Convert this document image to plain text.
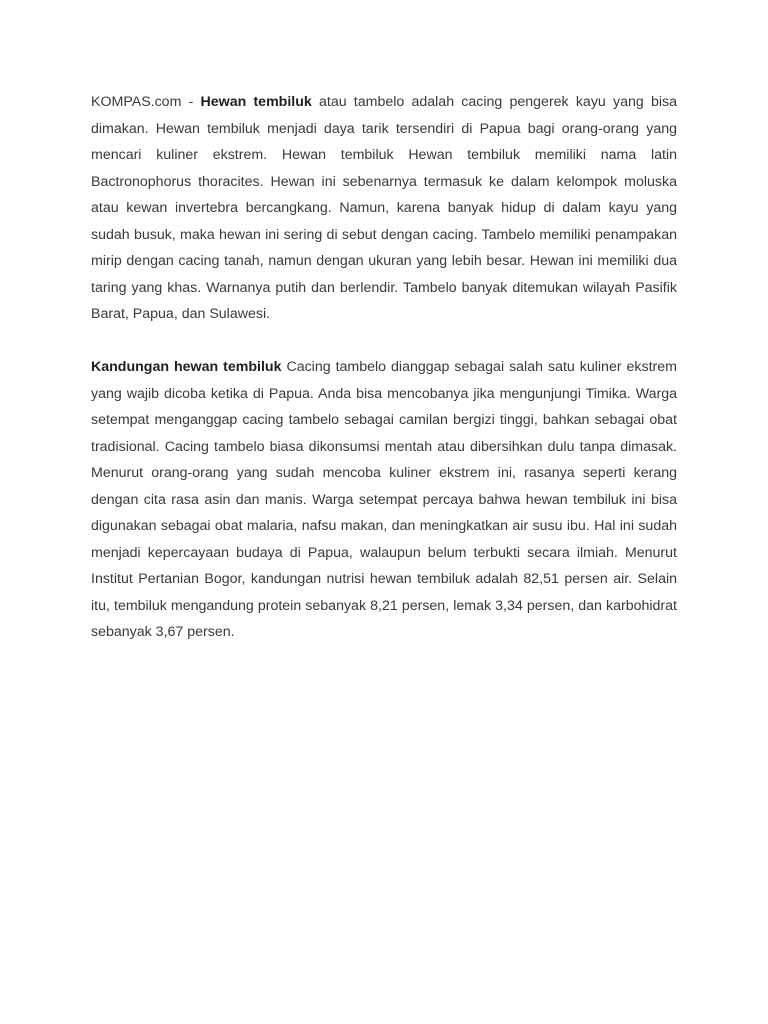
KOMPAS.com - Hewan tembiluk atau tambelo adalah cacing pengerek kayu yang bisa dimakan. Hewan tembiluk menjadi daya tarik tersendiri di Papua bagi orang-orang yang mencari kuliner ekstrem. Hewan tembiluk Hewan tembiluk memiliki nama latin Bactronophorus thoracites. Hewan ini sebenarnya termasuk ke dalam kelompok moluska atau kewan invertebra bercangkang. Namun, karena banyak hidup di dalam kayu yang sudah busuk, maka hewan ini sering di sebut dengan cacing. Tambelo memiliki penampakan mirip dengan cacing tanah, namun dengan ukuran yang lebih besar. Hewan ini memiliki dua taring yang khas. Warnanya putih dan berlendir. Tambelo banyak ditemukan wilayah Pasifik Barat, Papua, dan Sulawesi.

Kandungan hewan tembiluk Cacing tambelo dianggap sebagai salah satu kuliner ekstrem yang wajib dicoba ketika di Papua. Anda bisa mencobanya jika mengunjungi Timika. Warga setempat menganggap cacing tambelo sebagai camilan bergizi tinggi, bahkan sebagai obat tradisional. Cacing tambelo biasa dikonsumsi mentah atau dibersihkan dulu tanpa dimasak. Menurut orang-orang yang sudah mencoba kuliner ekstrem ini, rasanya seperti kerang dengan cita rasa asin dan manis. Warga setempat percaya bahwa hewan tembiluk ini bisa digunakan sebagai obat malaria, nafsu makan, dan meningkatkan air susu ibu. Hal ini sudah menjadi kepercayaan budaya di Papua, walaupun belum terbukti secara ilmiah. Menurut Institut Pertanian Bogor, kandungan nutrisi hewan tembiluk adalah 82,51 persen air. Selain itu, tembiluk mengandung protein sebanyak 8,21 persen, lemak 3,34 persen, dan karbohidrat sebanyak 3,67 persen.
